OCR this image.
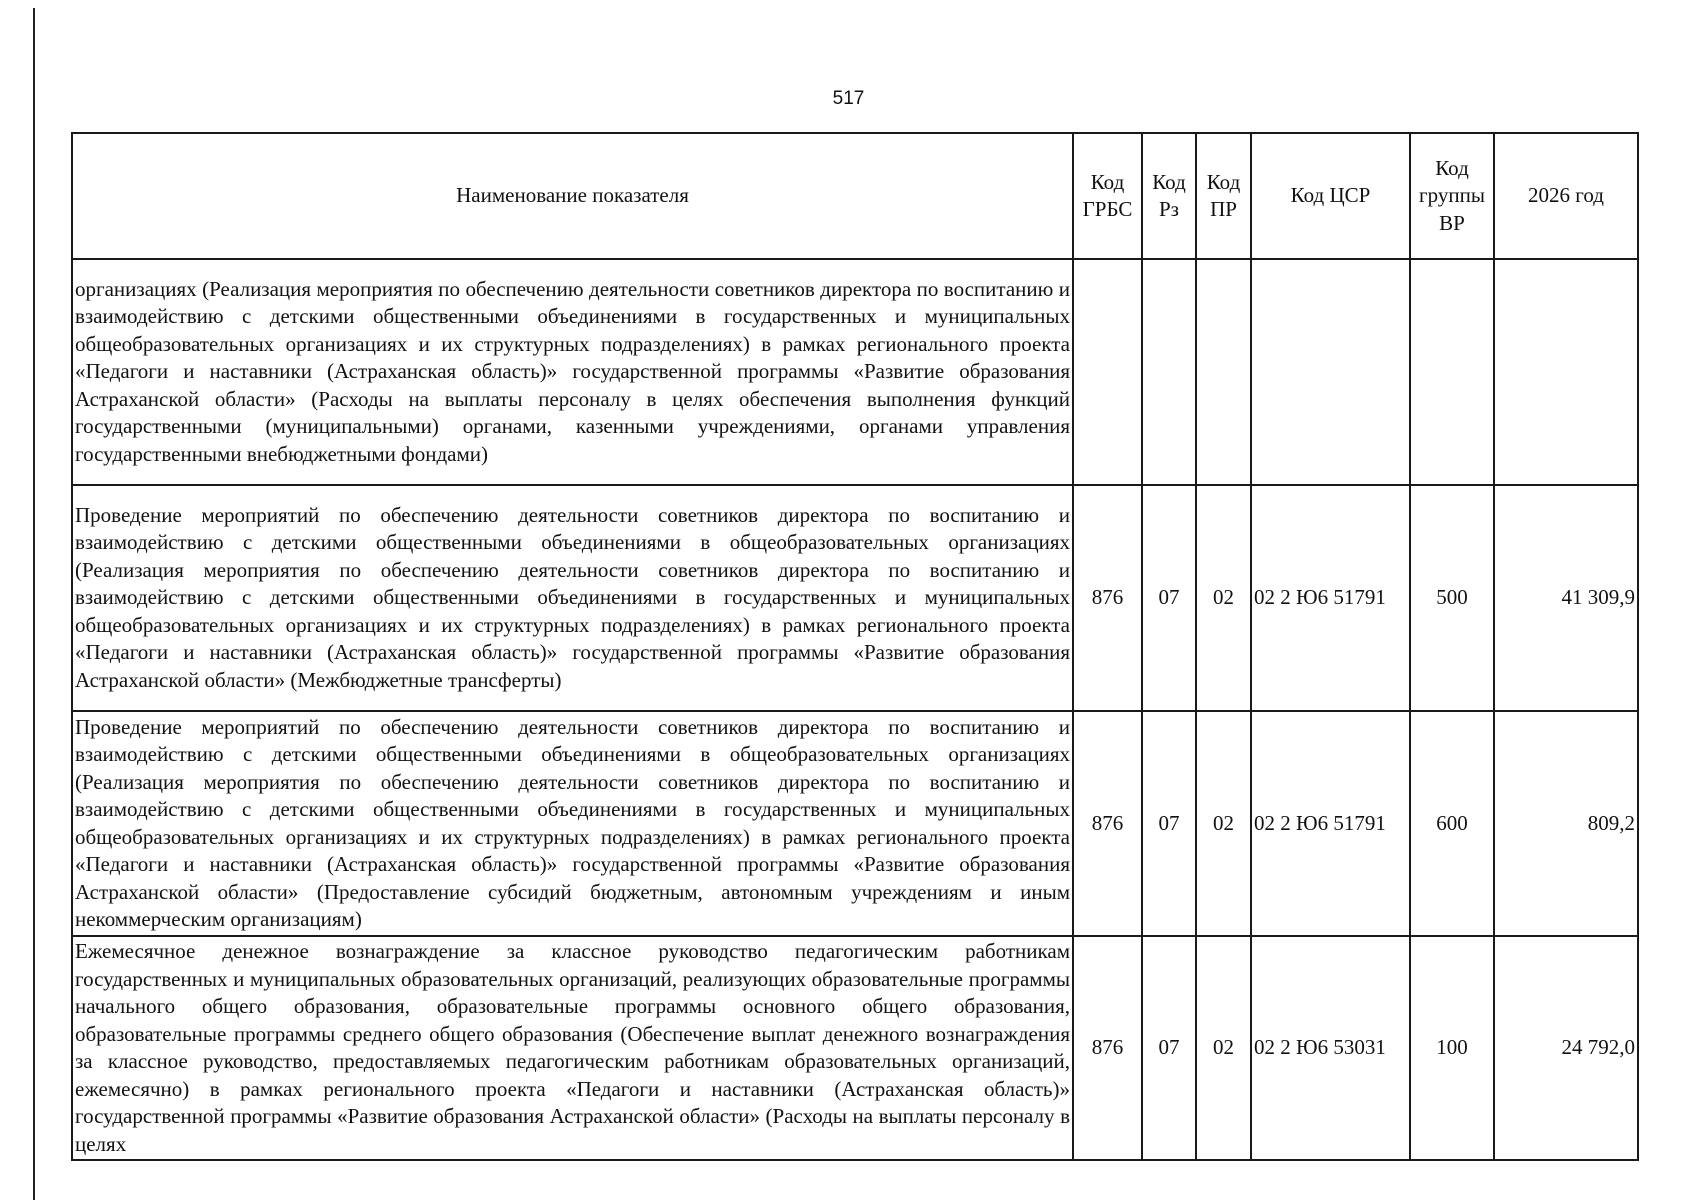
517
Наименование показателя	Код ГРБС	Код Рз	Код ПР	Код ЦСР	Код группы ВР	2026 год
организациях (Реализация мероприятия по обеспечению деятельности советников директора по воспитанию и взаимодействию с детскими общественными объединениями в государственных и муниципальных общеобразовательных организациях и их структурных подразделениях) в рамках регионального проекта «Педагоги и наставники (Астраханская область)» государственной программы «Развитие образования Астраханской области» (Расходы на выплаты персоналу в целях обеспечения выполнения функций государственными (муниципальными) органами, казенными учреждениями, органами управления государственными внебюджетными фондами)						
Проведение мероприятий по обеспечению деятельности советников директора по воспитанию и взаимодействию с детскими общественными объединениями в общеобразовательных организациях (Реализация мероприятия по обеспечению деятельности советников директора по воспитанию и взаимодействию с детскими общественными объединениями в государственных и муниципальных общеобразовательных организациях и их структурных подразделениях) в рамках регионального проекта «Педагоги и наставники (Астраханская область)» государственной программы «Развитие образования Астраханской области» (Межбюджетные трансферты)	876	07	02	02 2 Ю6 51791	500	41 309,9
Проведение мероприятий по обеспечению деятельности советников директора по воспитанию и взаимодействию с детскими общественными объединениями в общеобразовательных организациях (Реализация мероприятия по обеспечению деятельности советников директора по воспитанию и взаимодействию с детскими общественными объединениями в государственных и муниципальных общеобразовательных организациях и их структурных подразделениях) в рамках регионального проекта «Педагоги и наставники (Астраханская область)» государственной программы «Развитие образования Астраханской области» (Предоставление субсидий бюджетным, автономным учреждениям и иным некоммерческим организациям)	876	07	02	02 2 Ю6 51791	600	809,2
Ежемесячное денежное вознаграждение за классное руководство педагогическим работникам государственных и муниципальных образовательных организаций, реализующих образовательные программы начального общего образования, образовательные программы основного общего образования, образовательные программы среднего общего образования (Обеспечение выплат денежного вознаграждения за классное руководство, предоставляемых педагогическим работникам образовательных организаций, ежемесячно) в рамках регионального проекта «Педагоги и наставники (Астраханская область)» государственной программы «Развитие образования Астраханской области» (Расходы на выплаты персоналу в целях	876	07	02	02 2 Ю6 53031	100	24 792,0
